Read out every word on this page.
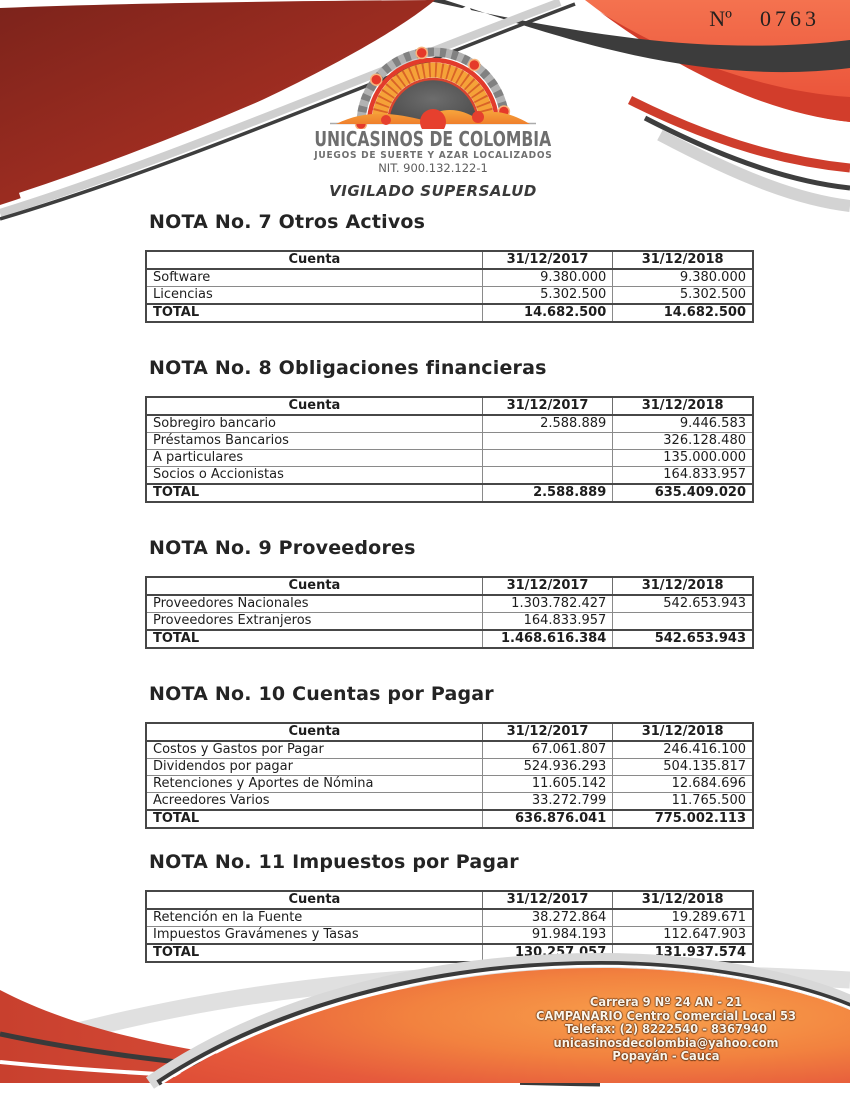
Nº 0763
UNICASINOS DE COLOMBIA
JUEGOS DE SUERTE Y AZAR LOCALIZADOS
NIT. 900.132.122-1
VIGILADO SUPERSALUD
NOTA No. 7 Otros Activos
Cuenta	31/12/2017	31/12/2018
Software	9.380.000	9.380.000
Licencias	5.302.500	5.302.500
TOTAL	14.682.500	14.682.500
NOTA No. 8 Obligaciones financieras
Cuenta	31/12/2017	31/12/2018
Sobregiro bancario	2.588.889	9.446.583
Préstamos Bancarios		326.128.480
A particulares		135.000.000
Socios o Accionistas		164.833.957
TOTAL	2.588.889	635.409.020
NOTA No. 9 Proveedores
Cuenta	31/12/2017	31/12/2018
Proveedores Nacionales	1.303.782.427	542.653.943
Proveedores Extranjeros	164.833.957	
TOTAL	1.468.616.384	542.653.943
NOTA No. 10 Cuentas por Pagar
Cuenta	31/12/2017	31/12/2018
Costos y Gastos por Pagar	67.061.807	246.416.100
Dividendos por pagar	524.936.293	504.135.817
Retenciones y Aportes de Nómina	11.605.142	12.684.696
Acreedores Varios	33.272.799	11.765.500
TOTAL	636.876.041	775.002.113
NOTA No. 11 Impuestos por Pagar
Cuenta	31/12/2017	31/12/2018
Retención en la Fuente	38.272.864	19.289.671
Impuestos Gravámenes y Tasas	91.984.193	112.647.903
TOTAL	130.257.057	131.937.574
Carrera 9 Nº 24 AN - 21
CAMPANARIO Centro Comercial Local 53
Telefax: (2) 8222540 - 8367940
unicasinosdecolombia@yahoo.com
Popayán - Cauca
